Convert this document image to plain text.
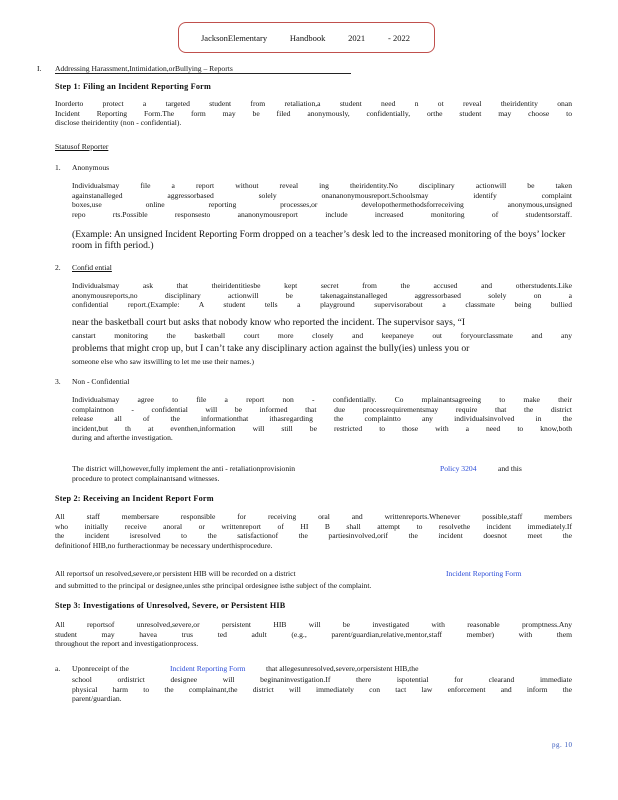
JacksonElementary	Handbook	2021	- 2022
I. Addressing Harassment,Intimidation,orBullying – Reports
Step 1: Filing an Incident Reporting Form
Inorderto protect a targeted student from retaliation,a student need n ot reveal theiridentity onan
Incident Reporting Form.The form may be filed anonymously, confidentially, orthe student may choose to
disclose theiridentity (non - confidential).
Statusof Reporter
1. Anonymous
Individualsmay file a report without reveal ing theiridentity.No disciplinary actionwill be taken
againstanalleged aggressorbased solely onananonymousreport.Schoolsmay identify complaint
boxes,use online reporting processes,or developothermethodsforreceiving anonymous,unsigned
repo rts.Possible responsesto ananonymousreport include increased monitoring of studentsorstaff.
(Example: An unsigned Incident Reporting Form dropped on a teacher’s desk led to the increased monitoring of the boys’ locker room in fifth period.)
2. Confid ential
Individualsmay ask that theiridentitiesbe kept secret from the accused and otherstudents.Like
anonymousreports,no disciplinary actionwill be takenagainstanalleged aggressorbased solely on a
confidential report.(Example: A student tells a playground supervisorabout a classmate being bullied
near the basketball court but asks that nobody know who reported the incident. The supervisor says, “I
canstart monitoring the basketball court more closely and keepaneye out foryourclassmate and any
problems that might crop up, but I can’t take any disciplinary action against the bully(ies) unless you or
someone else who saw itswilling to let me use their names.)
3. Non - Confidential
Individualsmay agree to file a report non - confidentially. Co mplainantsagreeing to make their
complaintnon - confidential will be informed that due processrequirementsmay require that the district
release all of the informationthat ithasregarding the complaintto any individualsinvolved in the
incident,but th at eventhen,information will still be restricted to those with a need to know,both
during and afterthe investigation.
The district will,however,fully implement the anti - retaliationprovisionin	Policy 3204	and this
procedure to protect complainantsand witnesses.
Step 2: Receiving an Incident Report Form
All staff membersare responsible for receiving oral and writtenreports.Whenever possible,staff members
who initially receive anoral or writtenreport of HI B shall attempt to resolvethe incident immediately.If
the incident isresolved to the satisfactionof the partiesinvolved,orif the incident doesnot meet the
definitionof HIB,no furtheractionmay be necessary underthisprocedure.
All reportsof un resolved,severe,or persistent HIB will be recorded on a district	Incident Reporting Form
and submitted to the principal or designee,unles sthe principal ordesignee isthe subject of the complaint.
Step 3: Investigations of Unresolved, Severe, or Persistent HIB
All reportsof unresolved,severe,or persistent HIB will be investigated with reasonable promptness.Any
student may havea trus ted adult (e.g., parent/guardian,relative,mentor,staff member) with them
throughout the report and investigationprocess.
a. Uponreceipt of the	Incident Reporting Form	that allegesunresolved,severe,orpersistent HIB,the
school ordistrict designee will beginaninvestigation.If there ispotential for clearand immediate
physical harm to the complainant,the district will immediately con tact law enforcement and inform the
parent/guardian.
pg. 10
